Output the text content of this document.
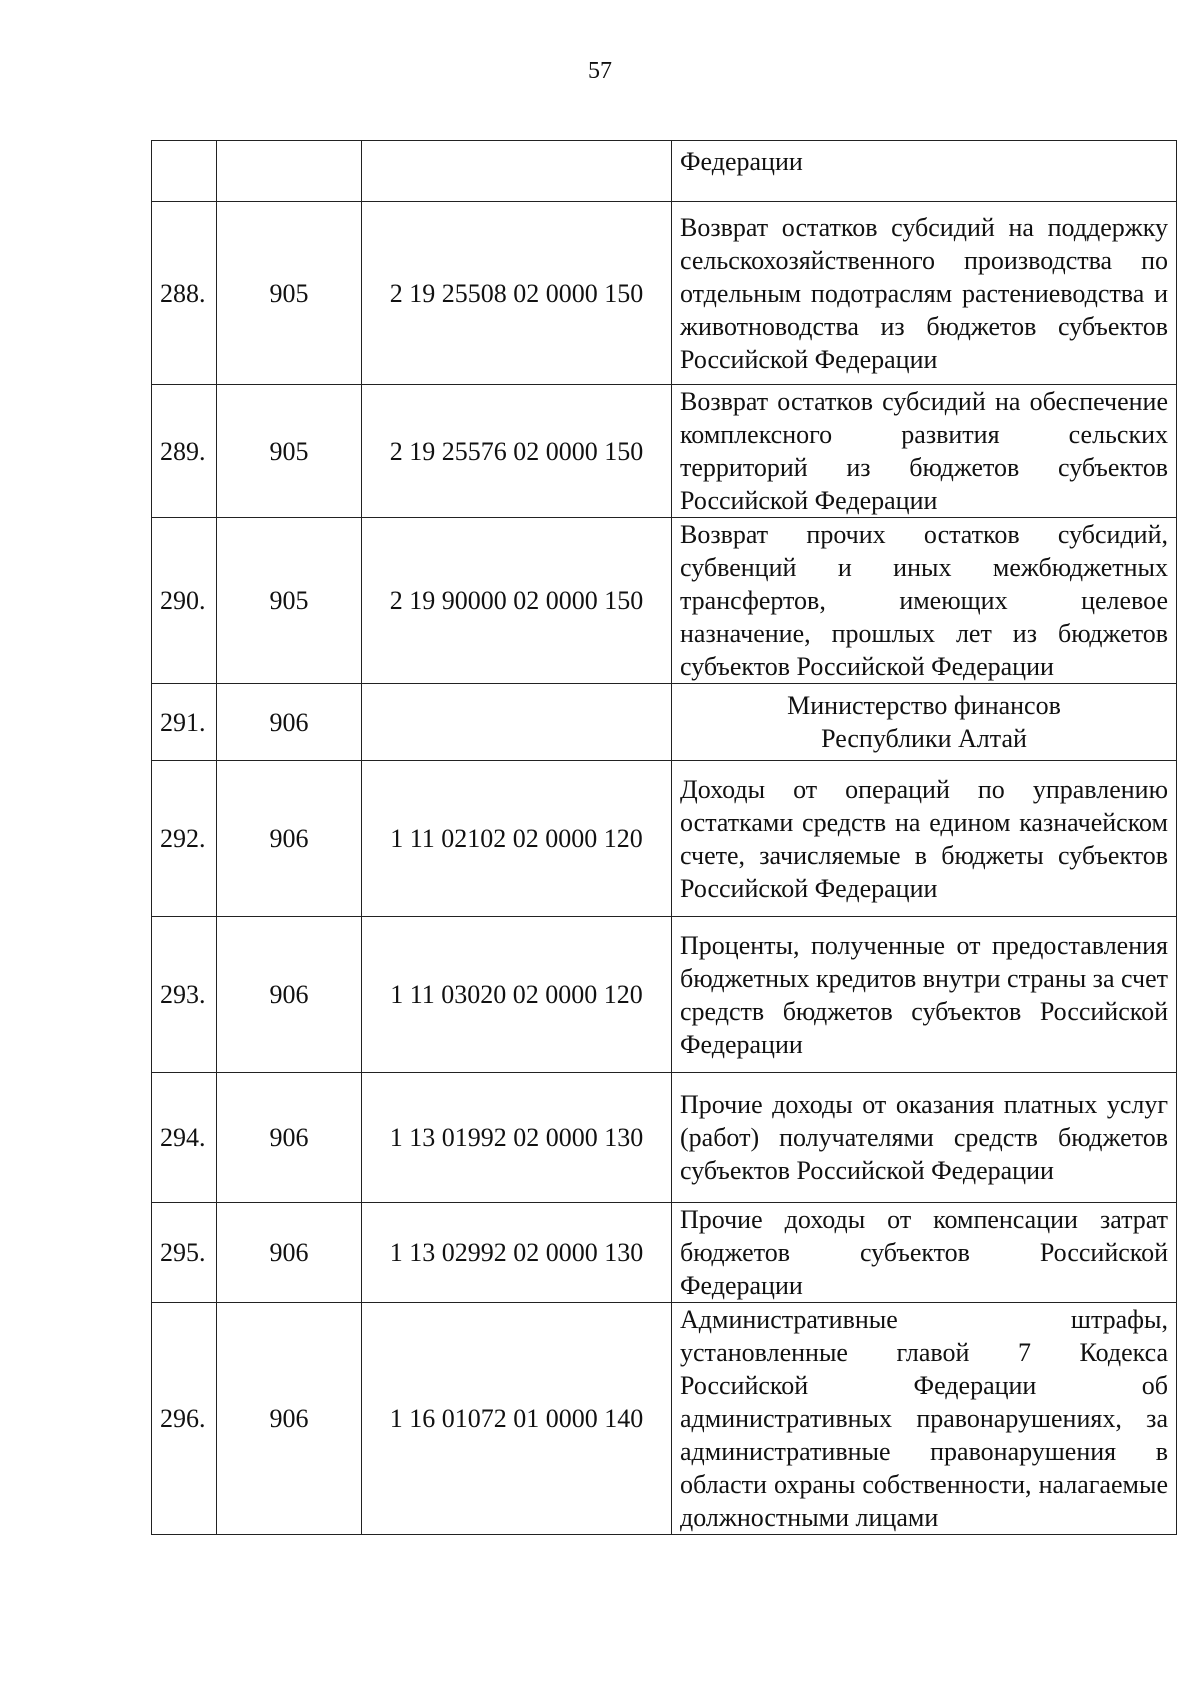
57
			Федерации
288.	905	2 19 25508 02 0000 150	Возврат остатков субсидий на поддержку сельскохозяйственного производства по отдельным подотраслям растениеводства и животноводства из бюджетов субъектов Российской Федерации
289.	905	2 19 25576 02 0000 150	Возврат остатков субсидий на обеспечение комплексного развития сельских территорий из бюджетов субъектов Российской Федерации
290.	905	2 19 90000 02 0000 150	Возврат прочих остатков субсидий, субвенций и иных межбюджетных трансфертов, имеющих целевое назначение, прошлых лет из бюджетов субъектов Российской Федерации
291.	906		Министерство финансов
Республики Алтай

292.	906	1 11 02102 02 0000 120	Доходы от операций по управлению остатками средств на едином казначейском счете, зачисляемые в бюджеты субъектов Российской Федерации
293.	906	1 11 03020 02 0000 120	Проценты, полученные от предоставления бюджетных кредитов внутри страны за счет средств бюджетов субъектов Российской Федерации
294.	906	1 13 01992 02 0000 130	Прочие доходы от оказания платных услуг (работ) получателями средств бюджетов субъектов Российской Федерации
295.	906	1 13 02992 02 0000 130	Прочие доходы от компенсации затрат бюджетов субъектов Российской Федерации
296.	906	1 16 01072 01 0000 140	Административные штрафы, установленные главой 7 Кодекса Российской Федерации об административных правонарушениях, за административные правонарушения в области охраны собственности, налагаемые должностными лицами
